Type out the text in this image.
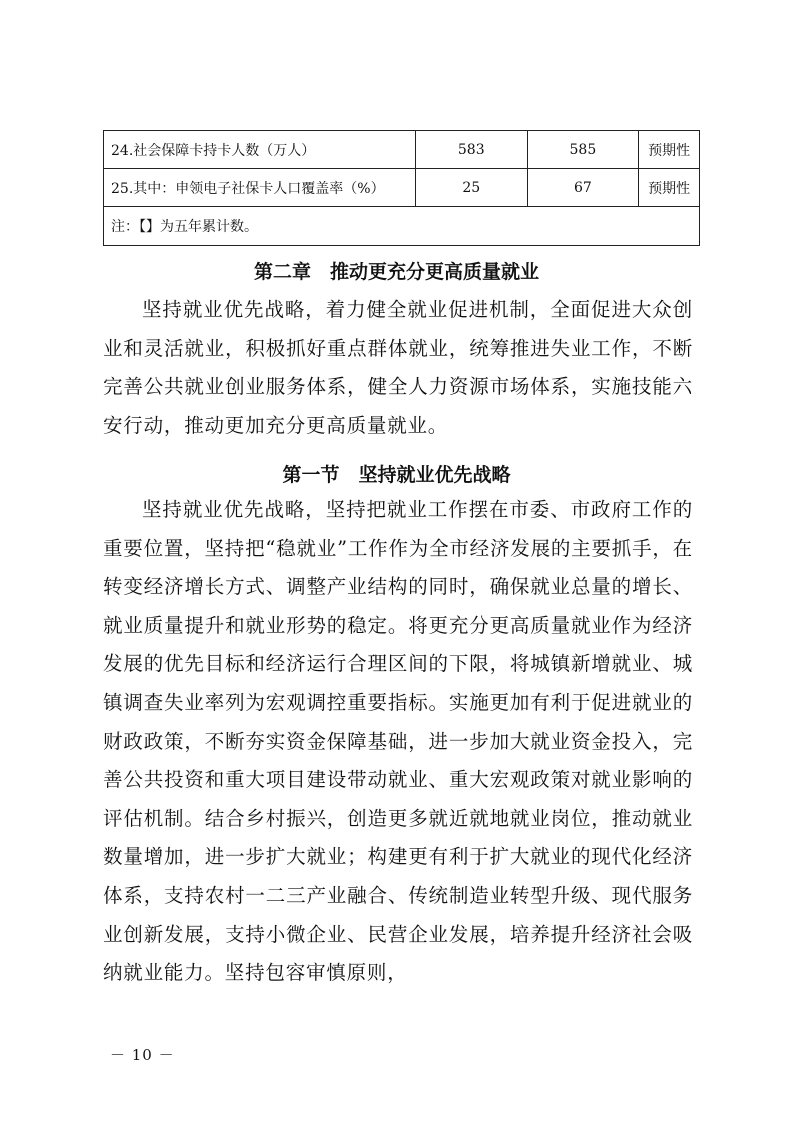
24.社会保障卡持卡人数（万人）	583	585	预期性
25.其中：申领电子社保卡人口覆盖率（%）	25	67	预期性
注：【】为五年累计数。
第二章　推动更充分更高质量就业

坚持就业优先战略，着力健全就业促进机制，全面促进大众创业和灵活就业，积极抓好重点群体就业，统筹推进失业工作，不断完善公共就业创业服务体系，健全人力资源市场体系，实施技能六安行动，推动更加充分更高质量就业。

第一节　坚持就业优先战略

坚持就业优先战略，坚持把就业工作摆在市委、市政府工作的重要位置，坚持把“稳就业”工作作为全市经济发展的主要抓手，在转变经济增长方式、调整产业结构的同时，确保就业总量的增长、就业质量提升和就业形势的稳定。将更充分更高质量就业作为经济发展的优先目标和经济运行合理区间的下限，将城镇新增就业、城镇调查失业率列为宏观调控重要指标。实施更加有利于促进就业的财政政策，不断夯实资金保障基础，进一步加大就业资金投入，完善公共投资和重大项目建设带动就业、重大宏观政策对就业影响的评估机制。结合乡村振兴，创造更多就近就地就业岗位，推动就业数量增加，进一步扩大就业；构建更有利于扩大就业的现代化经济体系，支持农村一二三产业融合、传统制造业转型升级、现代服务业创新发展，支持小微企业、民营企业发展，培养提升经济社会吸纳就业能力。坚持包容审慎原则，

－ 10 －
